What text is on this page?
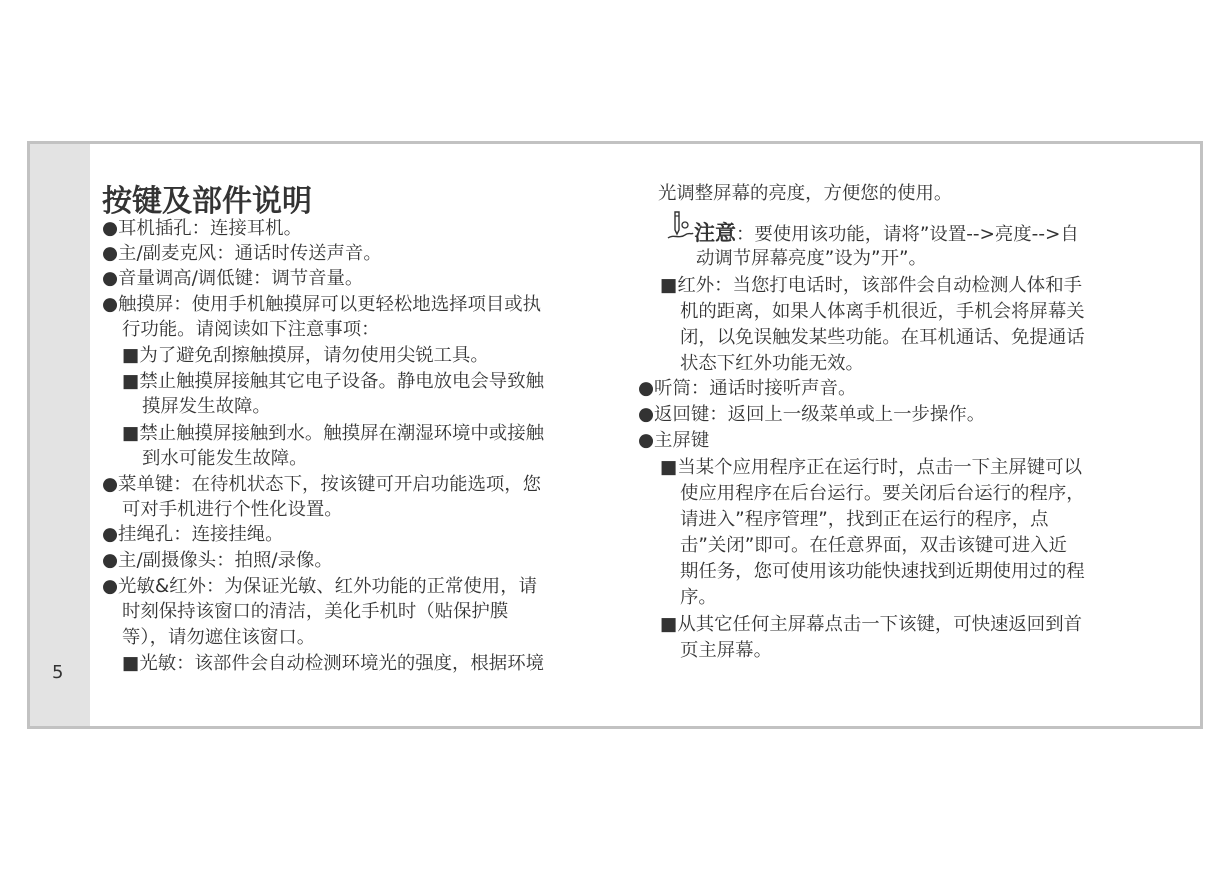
5
按键及部件说明
●耳机插孔：连接耳机。
●主/副麦克风：通话时传送声音。
●音量调高/调低键：调节音量。
●触摸屏：使用手机触摸屏可以更轻松地选择项目或执
行功能。请阅读如下注意事项：
■为了避免刮擦触摸屏，请勿使用尖锐工具。
■禁止触摸屏接触其它电子设备。静电放电会导致触
摸屏发生故障。
■禁止触摸屏接触到水。触摸屏在潮湿环境中或接触
到水可能发生故障。
●菜单键：在待机状态下，按该键可开启功能选项，您
可对手机进行个性化设置。
●挂绳孔：连接挂绳。
●主/副摄像头：拍照/录像。
●光敏&红外：为保证光敏、红外功能的正常使用，请
时刻保持该窗口的清洁，美化手机时（贴保护膜
等），请勿遮住该窗口。
■光敏：该部件会自动检测环境光的强度，根据环境
光调整屏幕的亮度，方便您的使用。
注意：要使用该功能，请将”设置-->亮度-->自
动调节屏幕亮度”设为”开”。
■红外：当您打电话时，该部件会自动检测人体和手
机的距离，如果人体离手机很近，手机会将屏幕关
闭，以免误触发某些功能。在耳机通话、免提通话
状态下红外功能无效。
●听筒：通话时接听声音。
●返回键：返回上一级菜单或上一步操作。
●主屏键
■当某个应用程序正在运行时，点击一下主屏键可以
使应用程序在后台运行。要关闭后台运行的程序，
请进入”程序管理”，找到正在运行的程序，点
击”关闭”即可。在任意界面，双击该键可进入近
期任务，您可使用该功能快速找到近期使用过的程
序。
■从其它任何主屏幕点击一下该键，可快速返回到首
页主屏幕。
